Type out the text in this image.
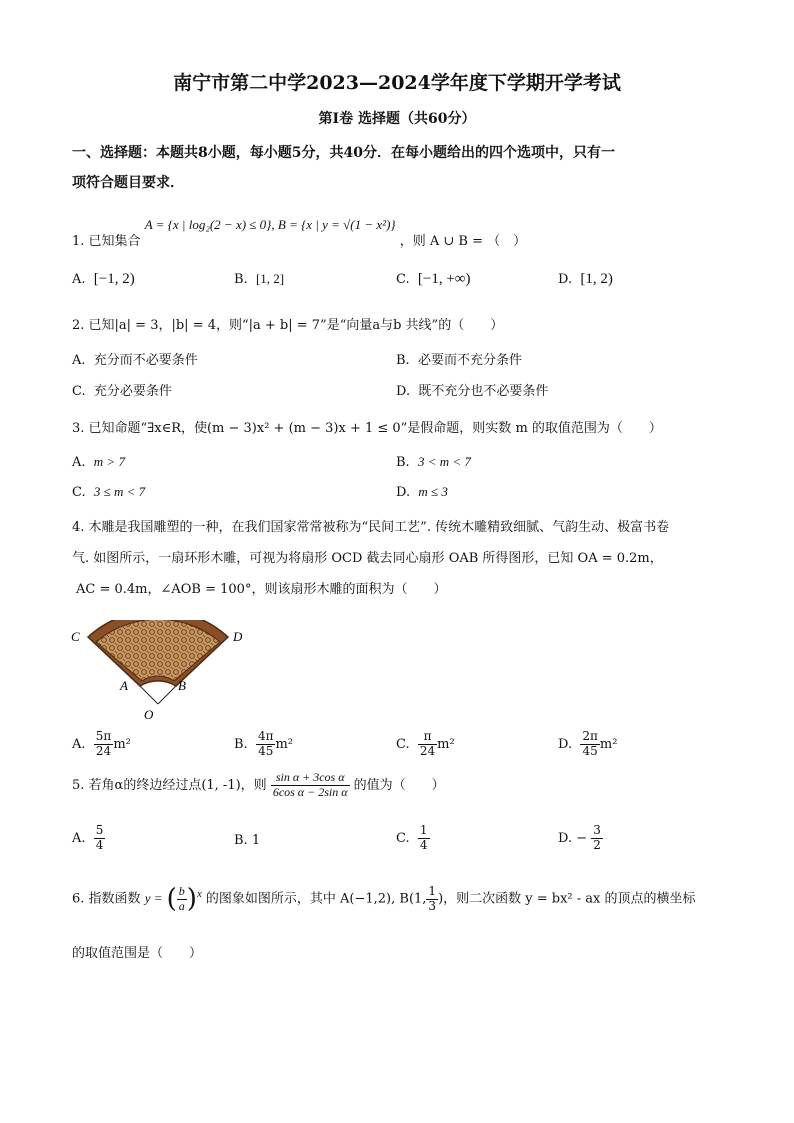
南宁市第二中学2023—2024学年度下学期开学考试
第Ⅰ卷 选择题（共60分）
一、选择题：本题共8小题，每小题5分，共40分．在每小题给出的四个选项中，只有一
项符合题目要求．
1. 已知集合 A = {x | log₂(2 − x) ≤ 0}, B = {x | y = √(1 − x²)} ，则 A ∪ B = （　）
A. [−1, 2)	B. [1, 2]	C. [−1, +∞)	D. [1, 2)
2. 已知|a| = 3，|b| = 4，则“|a + b| = 7”是“向量a与b 共线”的（　　）
A. 充分而不必要条件	B. 必要而不充分条件
C. 充分必要条件	D. 既不充分也不必要条件
3. 已知命题“∃x∈R，使(m − 3)x² + (m − 3)x + 1 ≤ 0”是假命题，则实数 m 的取值范围为（　　）
A. m > 7	B. 3 < m < 7
C. 3 ≤ m < 7	D. m ≤ 3
4. 木雕是我国雕塑的一种，在我们国家常常被称为“民间工艺”. 传统木雕精致细腻、气韵生动、极富书卷
气. 如图所示，一扇环形木雕，可视为将扇形 OCD 截去同心扇形 OAB 所得图形，已知 OA = 0.2m，
AC = 0.4m，∠AOB = 100°，则该扇形木雕的面积为（　　）
C	D
A	B
O
A. $\frac{5\pi}{24} m^2$	B. $\frac{4\pi}{45} m^2$	C. $\frac{\pi}{24} m^2$	D. $\frac{2\pi}{45} m^2$
5. 若角α的终边经过点(1, -1)，则 $\frac{\text{sin α + 3cos α}}{\text{6cos α − 2sin α}}$ 的值为（　　）
A. $\frac{5}{4}$	B. 1	C. $\frac{1}{4}$	D. − $\frac{3}{2}$
6. 指数函数 y = ( $\frac{b}{a} )^x$ 的图象如图所示，其中 A(−1,2), B(1, $\frac{1}{3}$ )，则二次函数 y = bx² - ax 的顶点的横坐标
的取值范围是（　　）
